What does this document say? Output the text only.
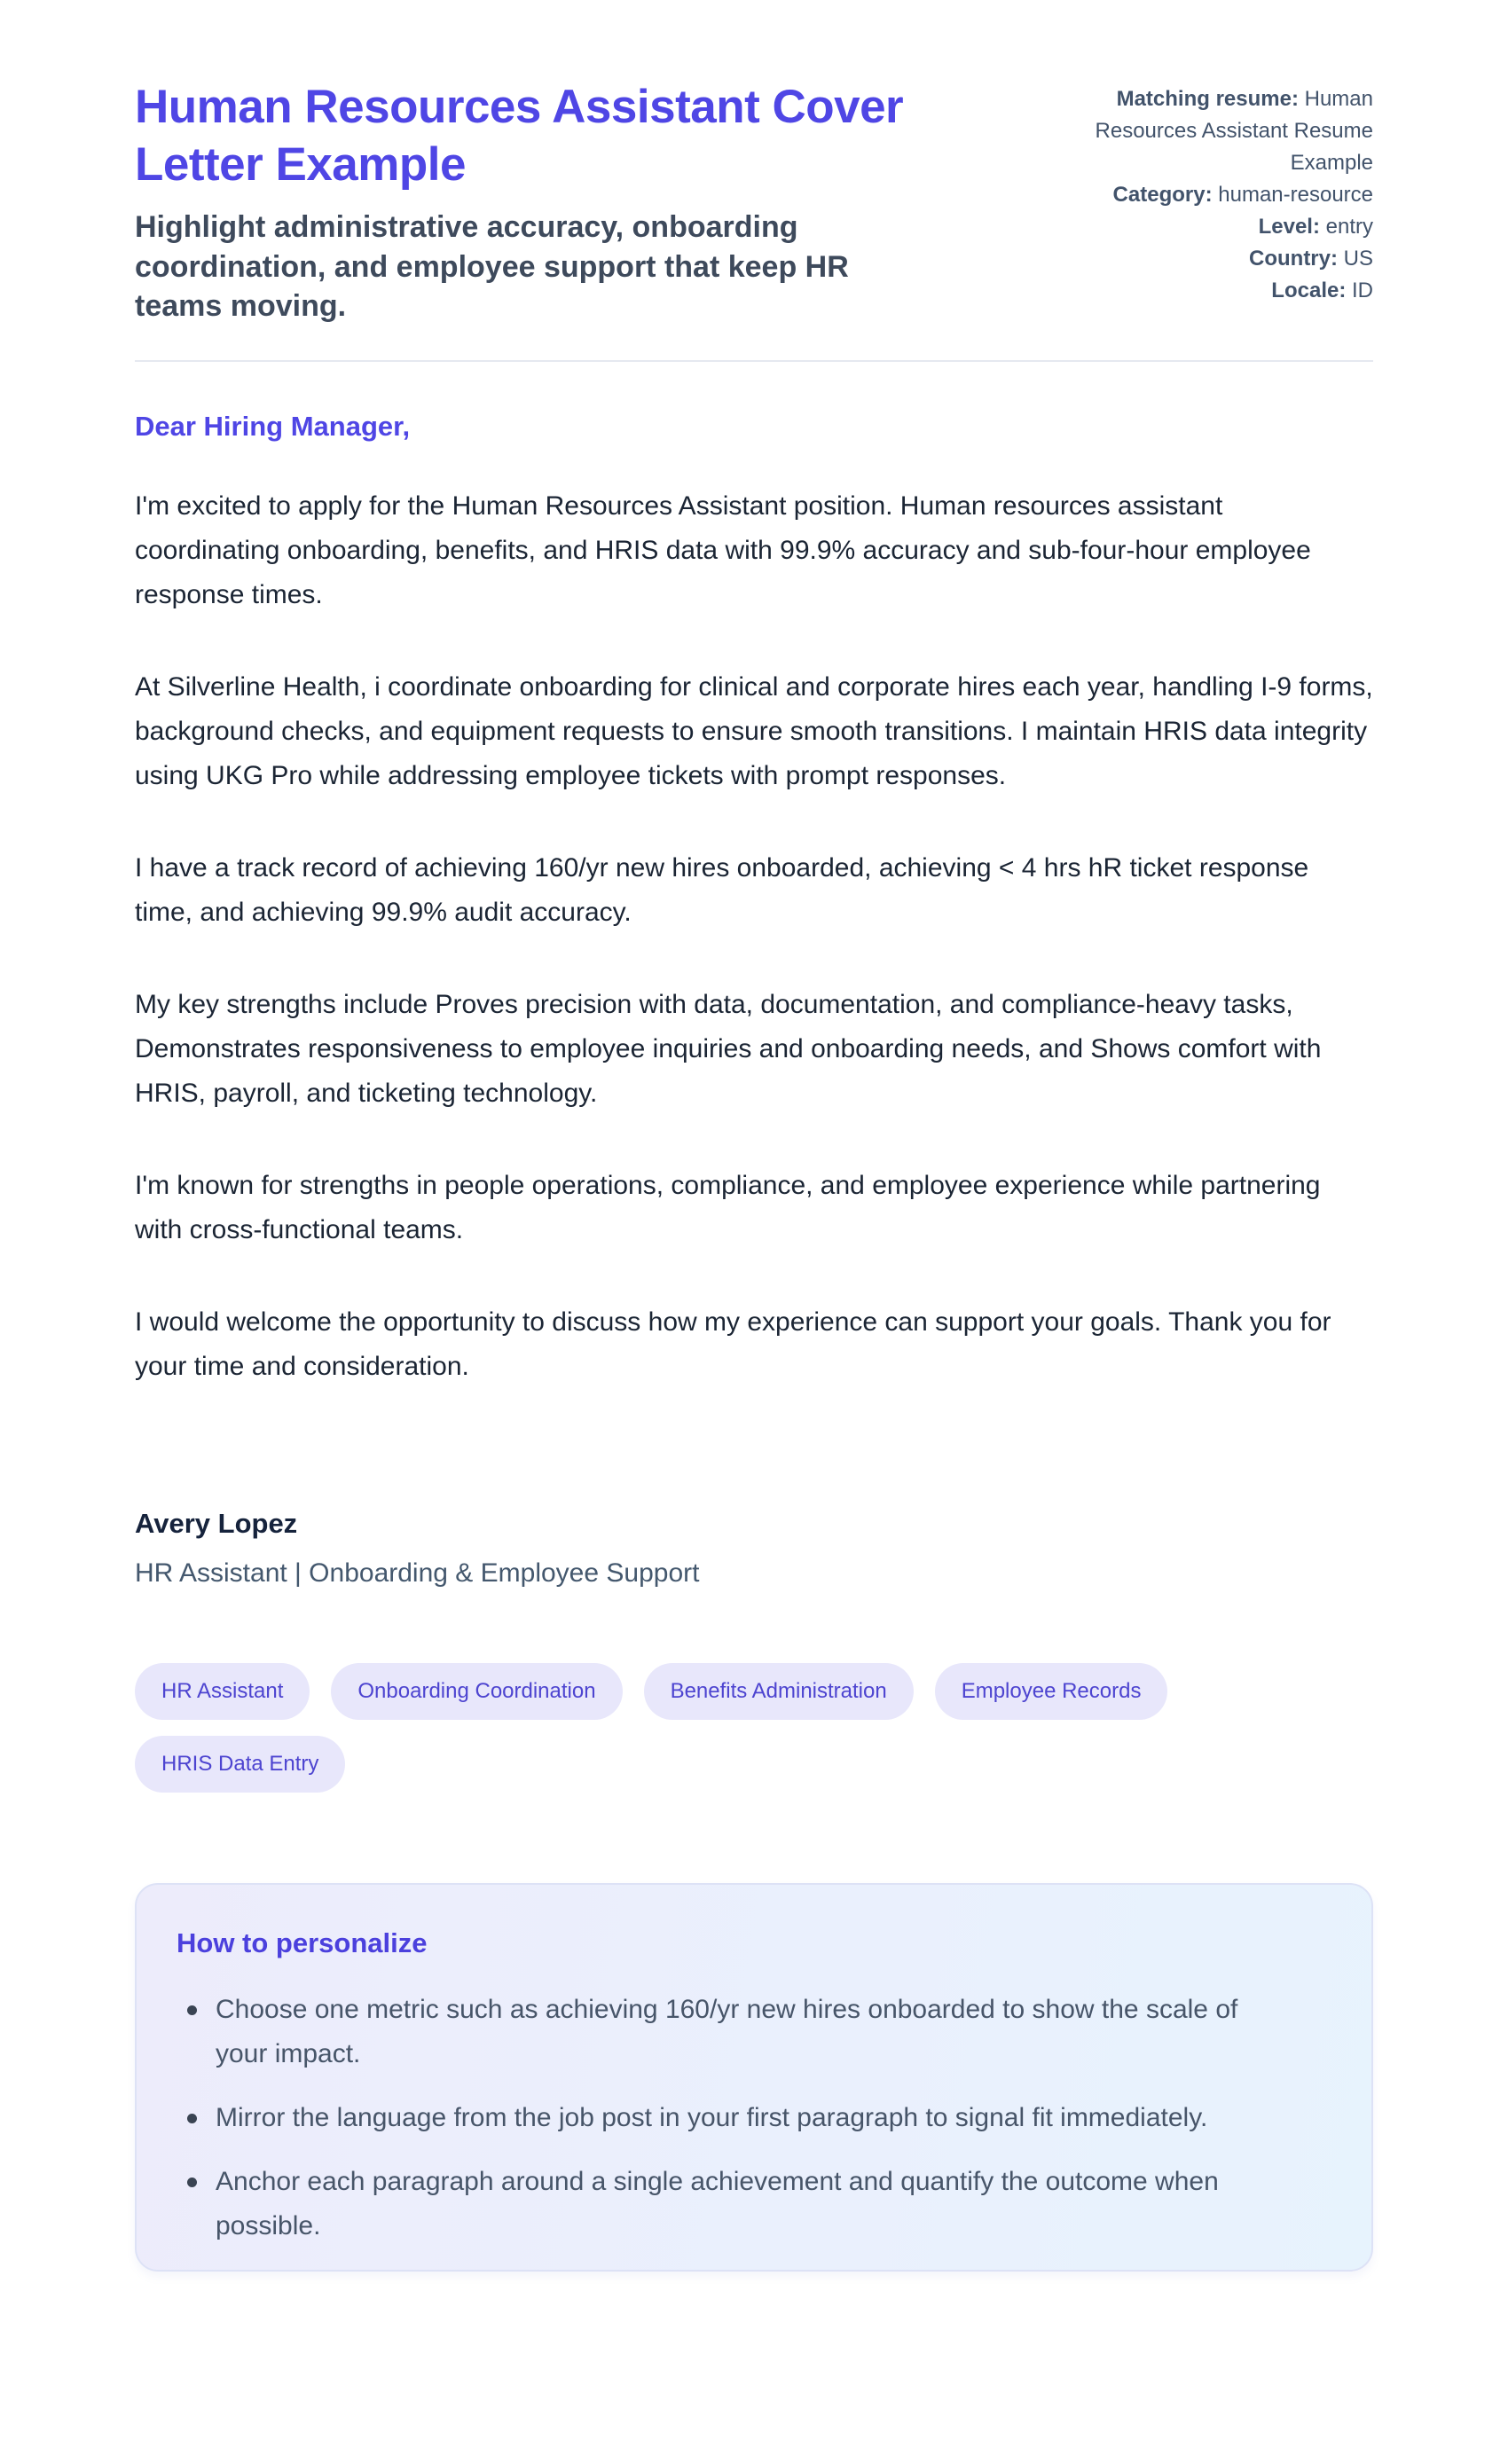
Human Resources Assistant Cover Letter Example
Highlight administrative accuracy, onboarding coordination, and employee support that keep HR teams moving.
Matching resume: Human Resources Assistant Resume Example
Category: human-resource
Level: entry
Country: US
Locale: ID
Dear Hiring Manager,

I'm excited to apply for the Human Resources Assistant position. Human resources assistant coordinating onboarding, benefits, and HRIS data with 99.9% accuracy and sub-four-hour employee response times.

At Silverline Health, i coordinate onboarding for clinical and corporate hires each year, handling I-9 forms, background checks, and equipment requests to ensure smooth transitions. I maintain HRIS data integrity using UKG Pro while addressing employee tickets with prompt responses.

I have a track record of achieving 160/yr new hires onboarded, achieving < 4 hrs hR ticket response time, and achieving 99.9% audit accuracy.

My key strengths include Proves precision with data, documentation, and compliance-heavy tasks, Demonstrates responsiveness to employee inquiries and onboarding needs, and Shows comfort with HRIS, payroll, and ticketing technology.

I'm known for strengths in people operations, compliance, and employee experience while partnering with cross-functional teams.

I would welcome the opportunity to discuss how my experience can support your goals. Thank you for your time and consideration.

Avery Lopez
HR Assistant | Onboarding & Employee Support
HR Assistant	Onboarding Coordination	Benefits Administration	Employee Records
HRIS Data Entry
How to personalize
Choose one metric such as achieving 160/yr new hires onboarded to show the scale of your impact.
Mirror the language from the job post in your first paragraph to signal fit immediately.
Anchor each paragraph around a single achievement and quantify the outcome when possible.
